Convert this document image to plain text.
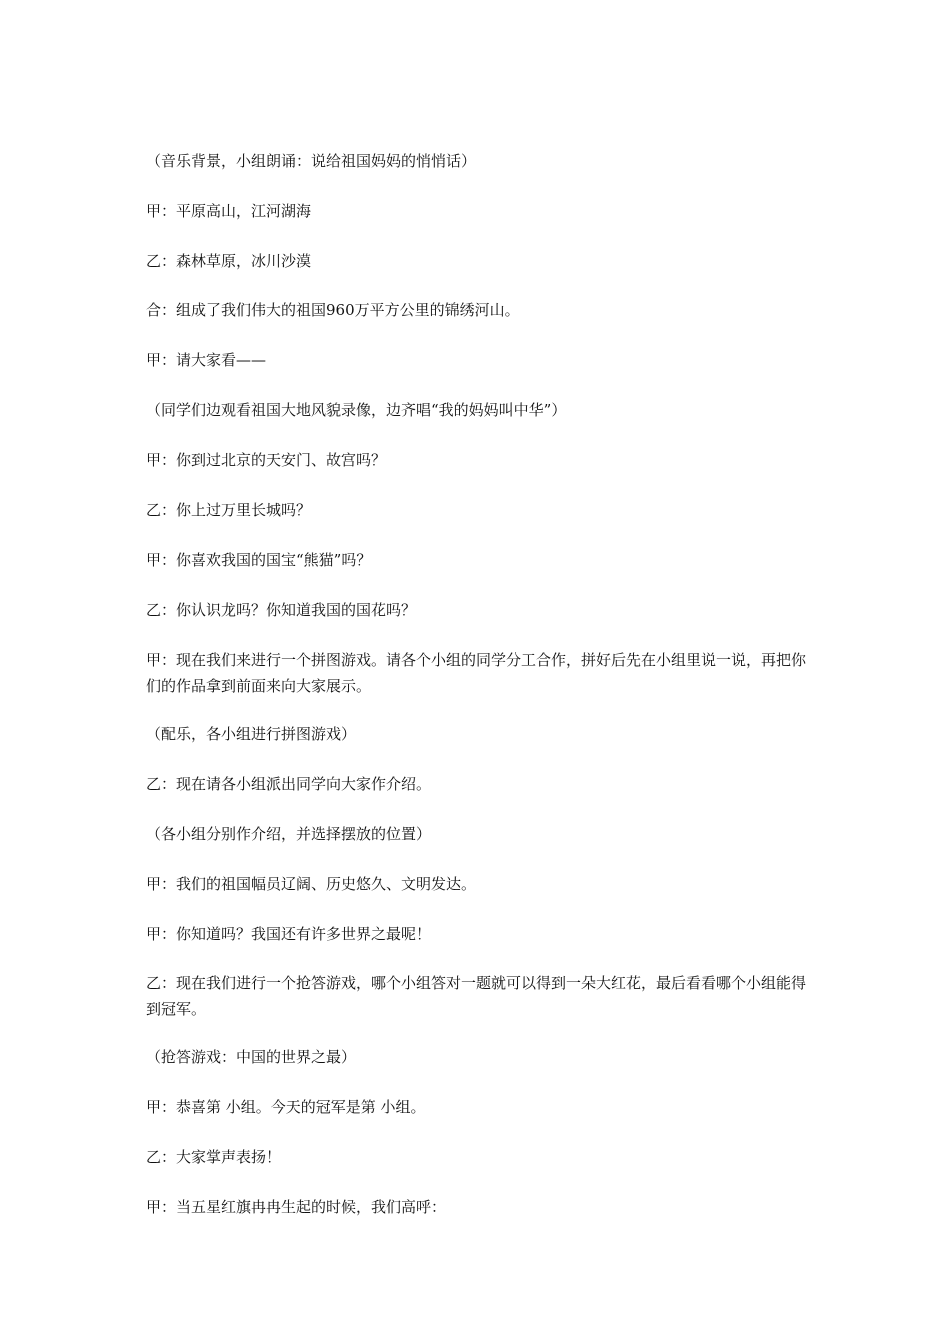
（音乐背景，小组朗诵：说给祖国妈妈的悄悄话）

甲：平原高山，江河湖海

乙：森林草原，冰川沙漠

合：组成了我们伟大的祖国960万平方公里的锦绣河山。

甲：请大家看——

（同学们边观看祖国大地风貌录像，边齐唱“我的妈妈叫中华”）

甲：你到过北京的天安门、故宫吗？

乙：你上过万里长城吗？

甲：你喜欢我国的国宝“熊猫”吗？

乙：你认识龙吗？你知道我国的国花吗？

甲：现在我们来进行一个拼图游戏。请各个小组的同学分工合作，拼好后先在小组里说一说，再把你们的作品拿到前面来向大家展示。

（配乐，各小组进行拼图游戏）

乙：现在请各小组派出同学向大家作介绍。

（各小组分别作介绍，并选择摆放的位置）

甲：我们的祖国幅员辽阔、历史悠久、文明发达。

甲：你知道吗？我国还有许多世界之最呢！

乙：现在我们进行一个抢答游戏，哪个小组答对一题就可以得到一朵大红花，最后看看哪个小组能得到冠军。

（抢答游戏：中国的世界之最）

甲：恭喜第 小组。今天的冠军是第 小组。

乙：大家掌声表扬！

甲：当五星红旗冉冉生起的时候，我们高呼：
